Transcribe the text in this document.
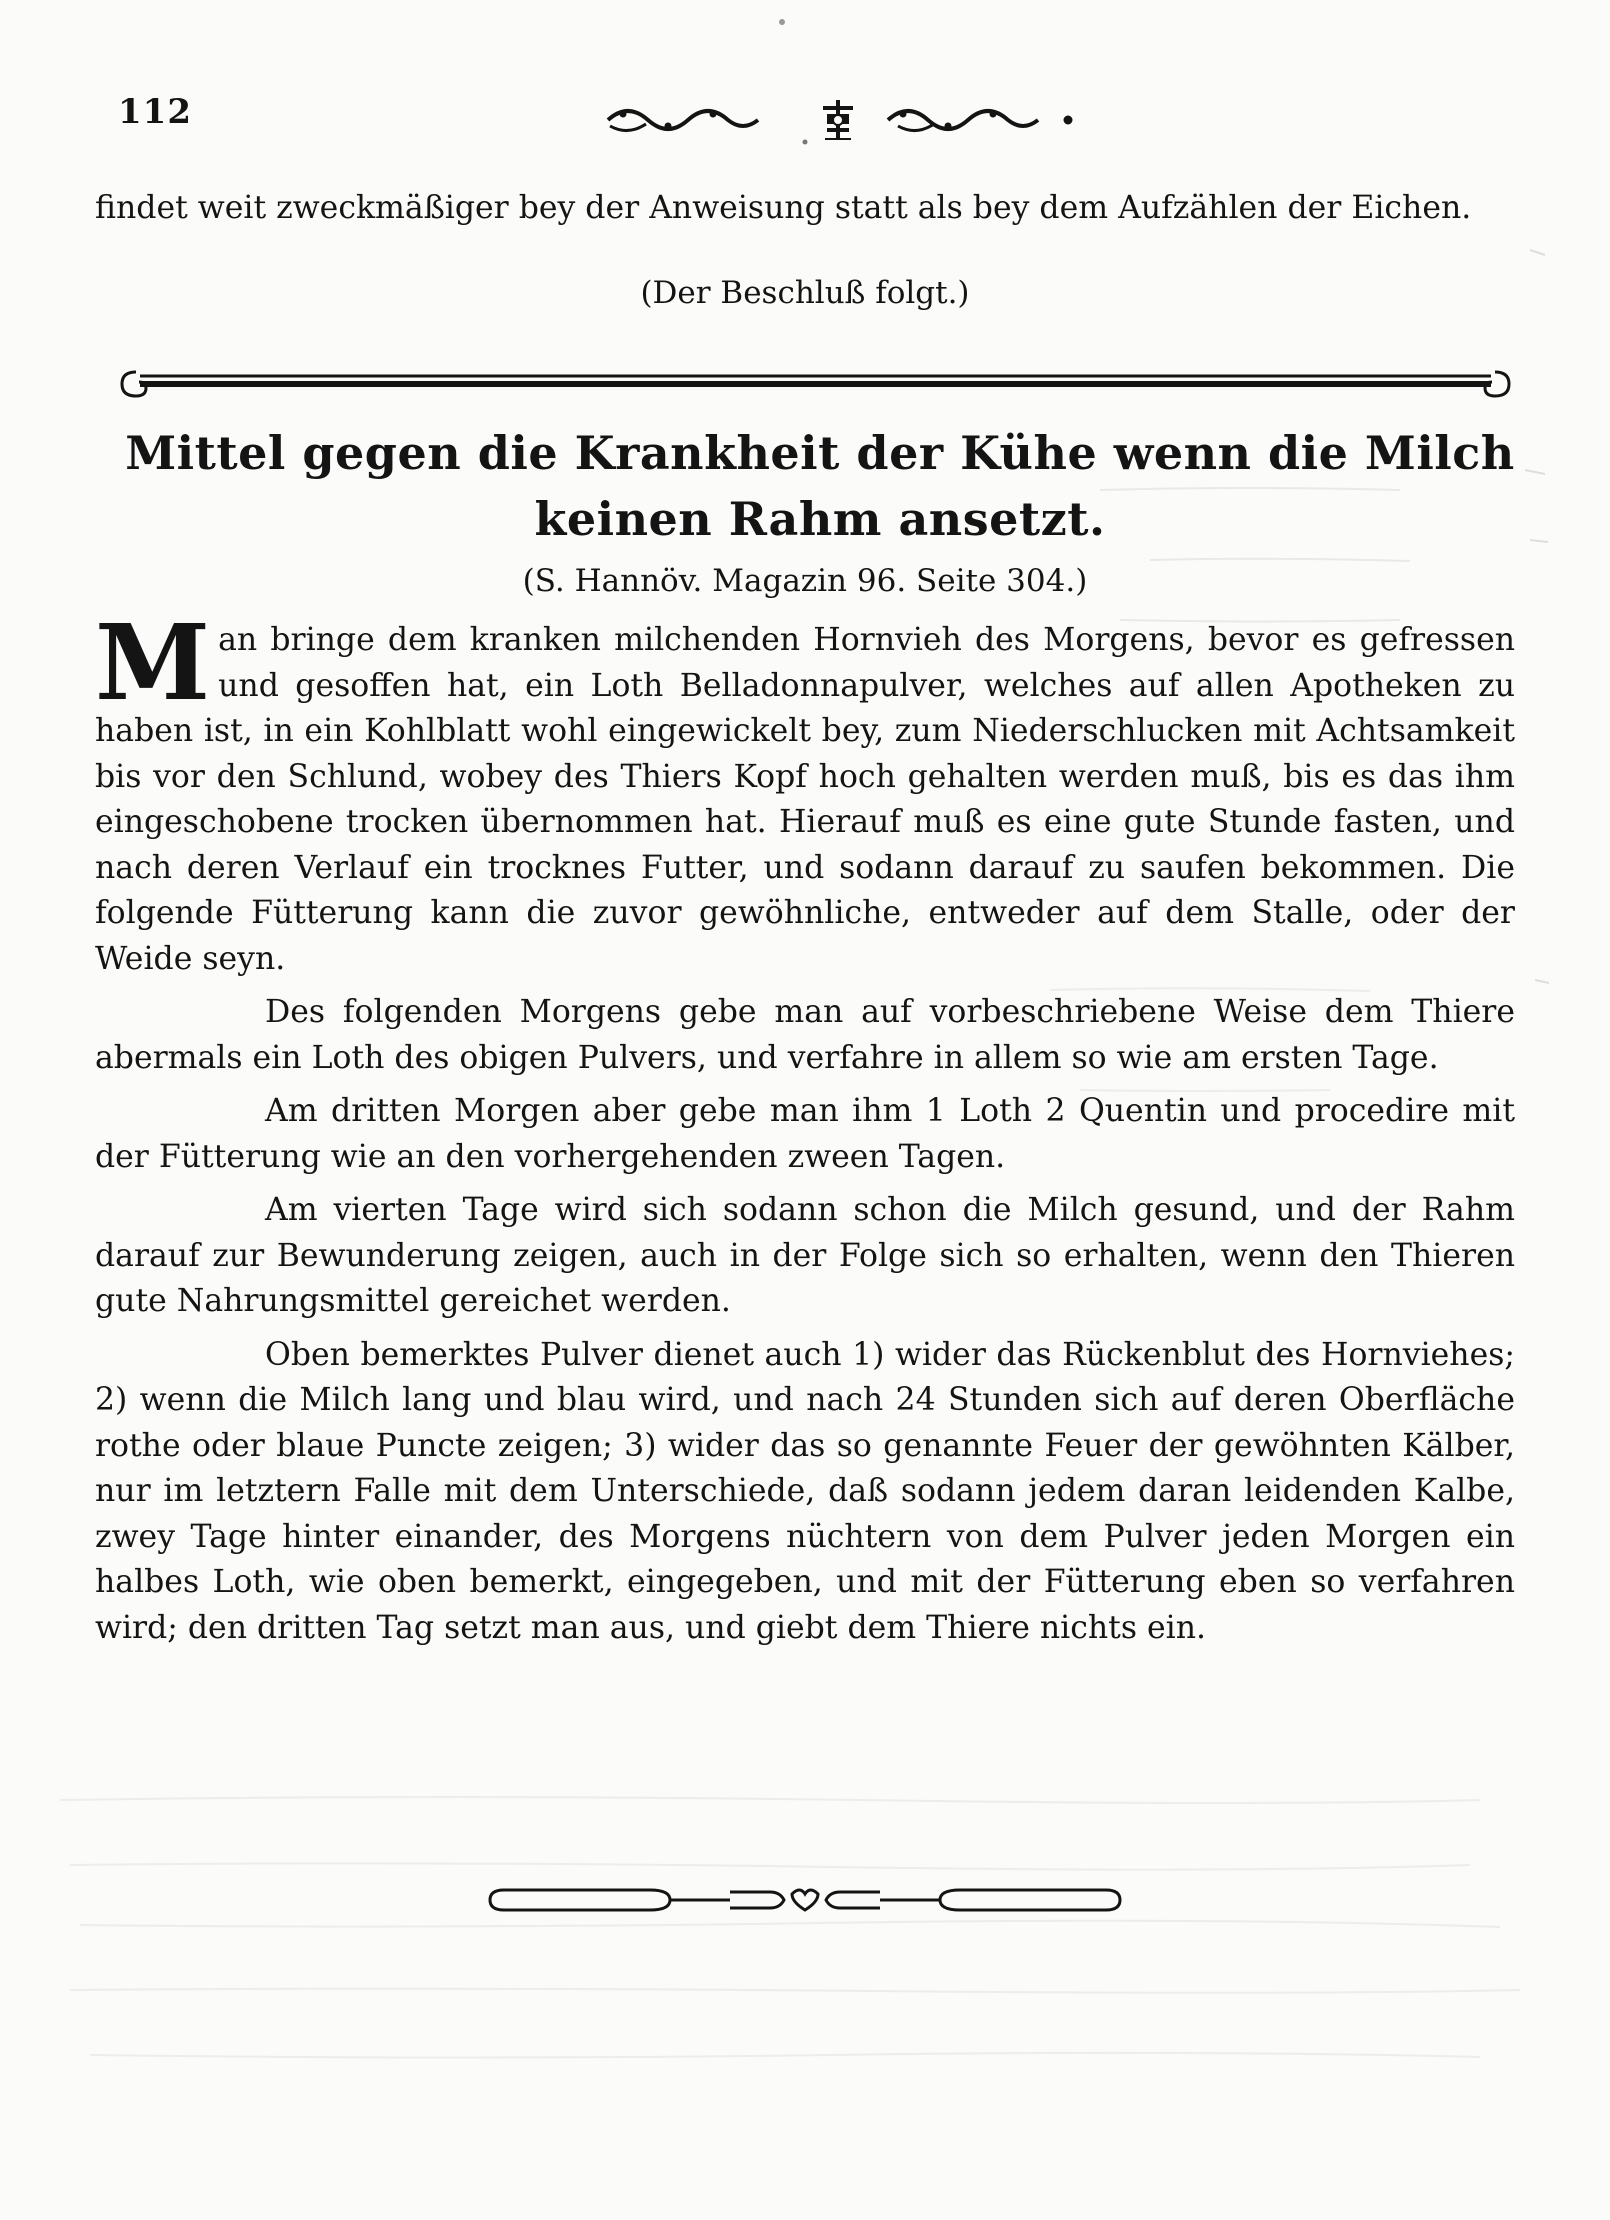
112

findet weit zweckmäßiger bey der Anweisung statt als bey dem Aufzählen der Eichen.

(Der Beschluß folgt.)
Mittel gegen die Krankheit der Kühe wenn die Milch keinen Rahm ansetzt.
(S. Hannöv. Magazin 96. Seite 304.)

Man bringe dem kranken milchenden Hornvieh des Morgens, bevor es gefressen und gesoffen hat, ein Loth Belladonnapulver, welches auf allen Apotheken zu haben ist, in ein Kohlblatt wohl eingewickelt bey, zum Niederschlucken mit Achtsamkeit bis vor den Schlund, wobey des Thiers Kopf hoch gehalten werden muß, bis es das ihm eingeschobene trocken übernommen hat. Hierauf muß es eine gute Stunde fasten, und nach deren Verlauf ein trocknes Futter, und sodann darauf zu saufen bekommen. Die folgende Fütterung kann die zuvor gewöhnliche, entweder auf dem Stalle, oder der Weide seyn.

Des folgenden Morgens gebe man auf vorbeschriebene Weise dem Thiere abermals ein Loth des obigen Pulvers, und verfahre in allem so wie am ersten Tage.

Am dritten Morgen aber gebe man ihm 1 Loth 2 Quentin und procedire mit der Fütterung wie an den vorhergehenden zween Tagen.

Am vierten Tage wird sich sodann schon die Milch gesund, und der Rahm darauf zur Bewunderung zeigen, auch in der Folge sich so erhalten, wenn den Thieren gute Nahrungsmittel gereichet werden.

Oben bemerktes Pulver dienet auch 1) wider das Rückenblut des Hornviehes; 2) wenn die Milch lang und blau wird, und nach 24 Stunden sich auf deren Oberfläche rothe oder blaue Puncte zeigen; 3) wider das so genannte Feuer der gewöhnten Kälber, nur im letztern Falle mit dem Unterschiede, daß sodann jedem daran leidenden Kalbe, zwey Tage hinter einander, des Morgens nüchtern von dem Pulver jeden Morgen ein halbes Loth, wie oben bemerkt, eingegeben, und mit der Fütterung eben so verfahren wird; den dritten Tag setzt man aus, und giebt dem Thiere nichts ein.
